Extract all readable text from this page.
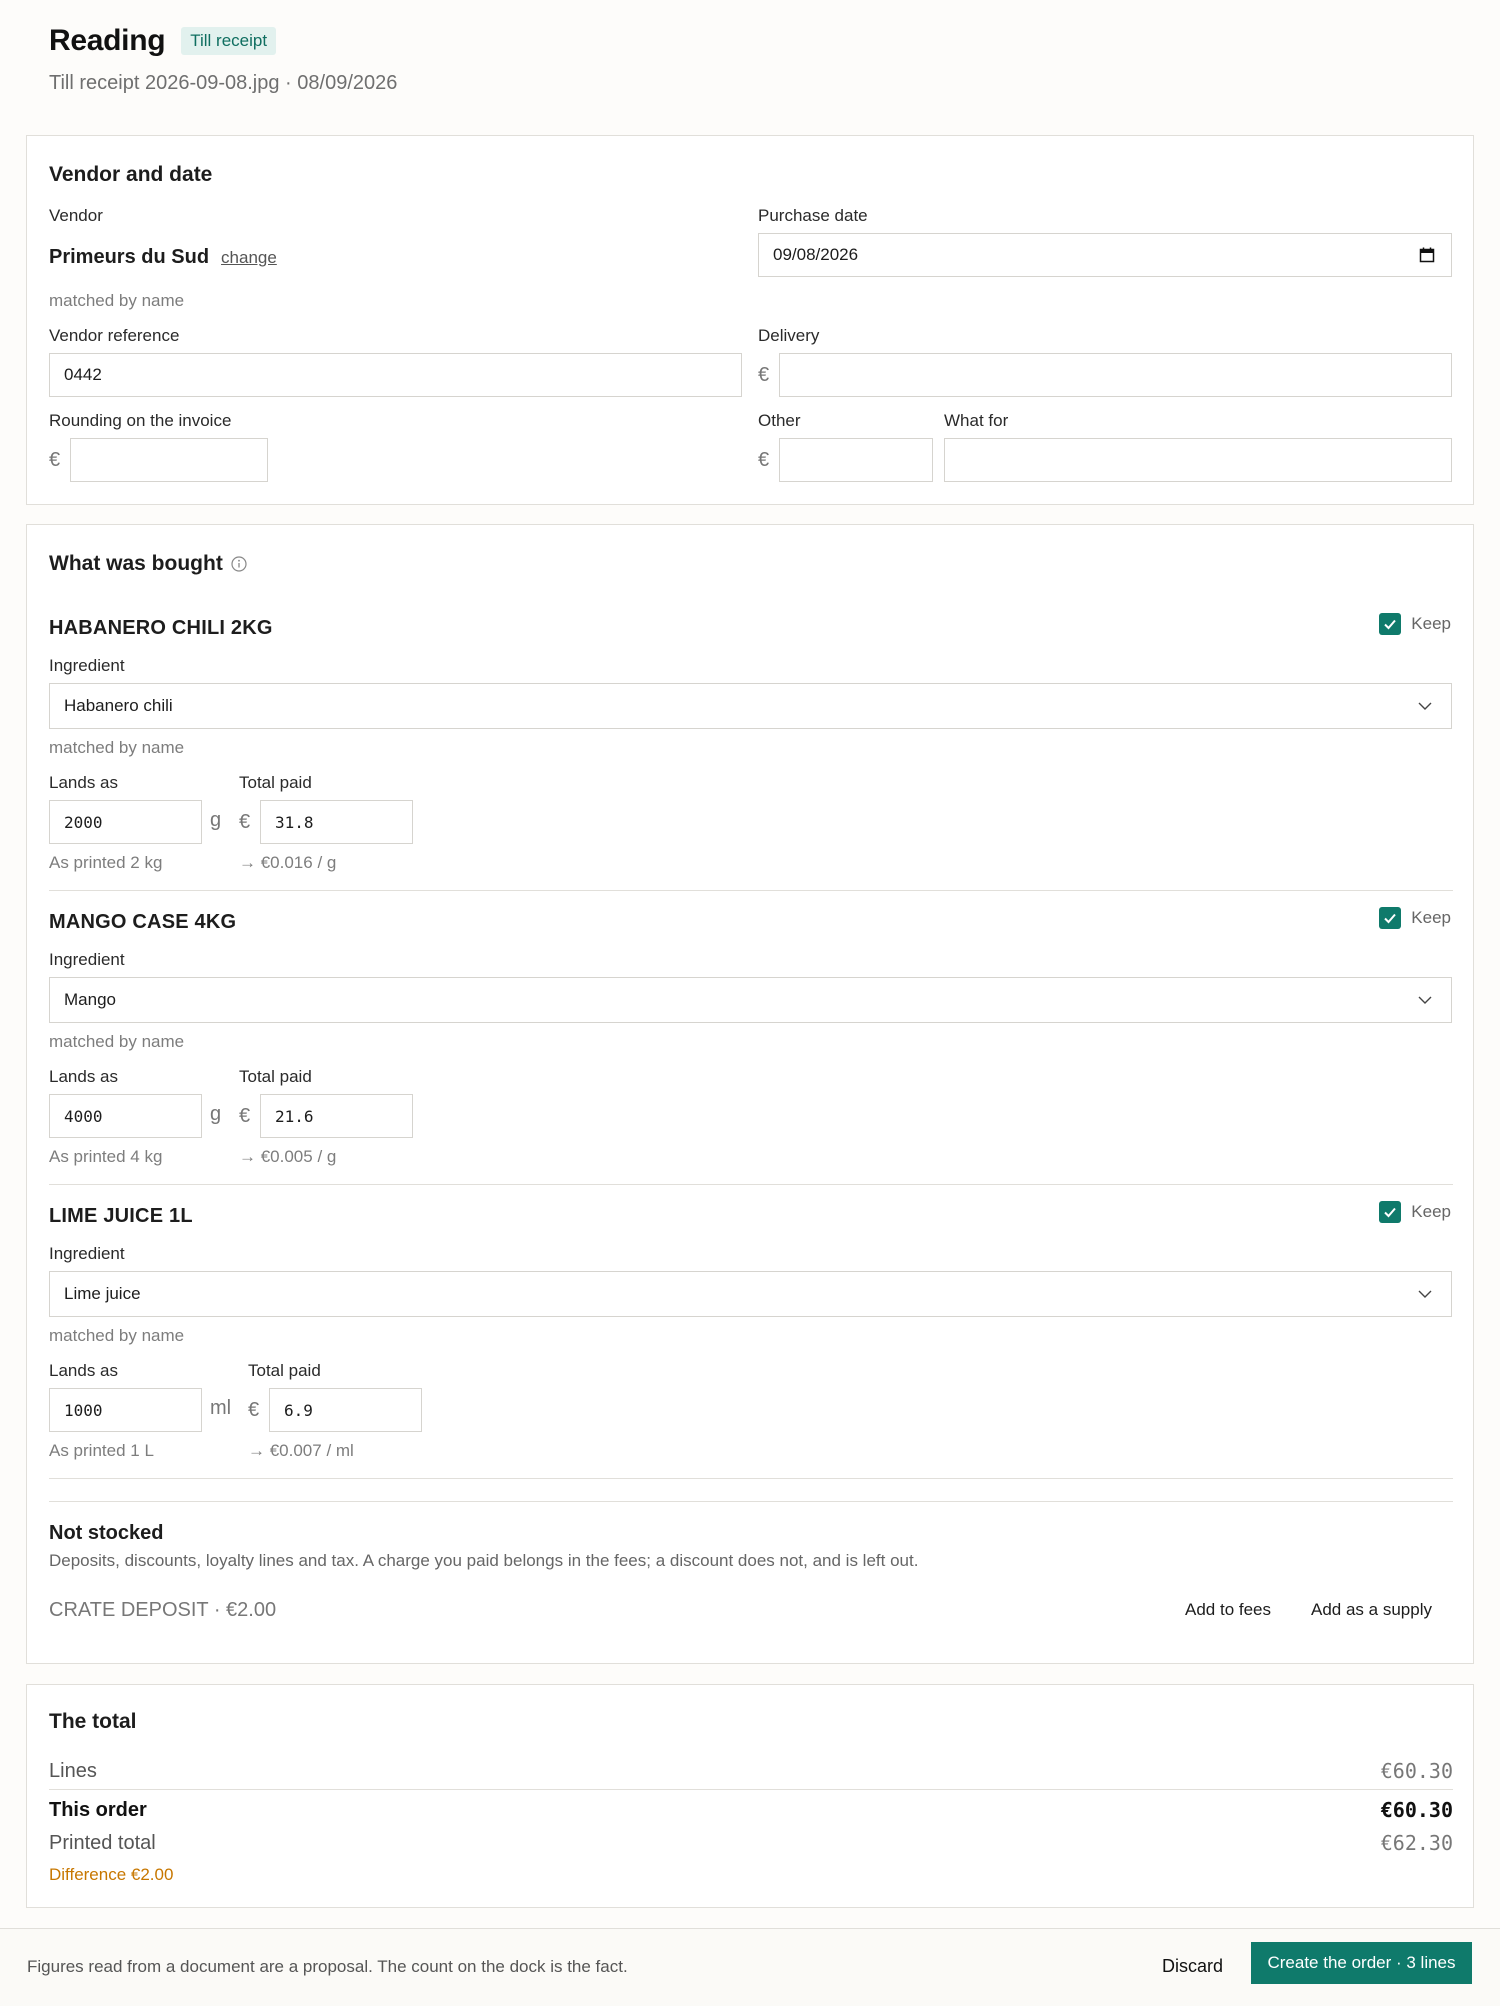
Reading	Till receipt
Till receipt 2026-09-08.jpg · 08/09/2026
Vendor and date
Vendor
Primeurs du Sud change
matched by name
Purchase date
09/08/2026
Vendor reference
0442
Delivery
€
Rounding on the invoice
€
Other
€
What for
What was bought
HABANERO CHILI 2KG	Keep
Ingredient
Habanero chili
matched by name
Lands as	Total paid
2000	g € 31.8
As printed 2 kg	→ €0.016 / g
MANGO CASE 4KG	Keep
Ingredient
Mango
matched by name
Lands as	Total paid
4000	g € 21.6
As printed 4 kg	→ €0.005 / g
LIME JUICE 1L	Keep
Ingredient
Lime juice
matched by name
Lands as	Total paid
1000	ml € 6.9
As printed 1 L	→ €0.007 / ml
Not stocked
Deposits, discounts, loyalty lines and tax. A charge you paid belongs in the fees; a discount does not, and is left out.
CRATE DEPOSIT · €2.00	Add to fees Add as a supply
The total
Lines	€60.30
This order	€60.30
Printed total	€62.30
Difference €2.00
Figures read from a document are a proposal. The count on the dock is the fact.	Discard	Create the order · 3 lines
